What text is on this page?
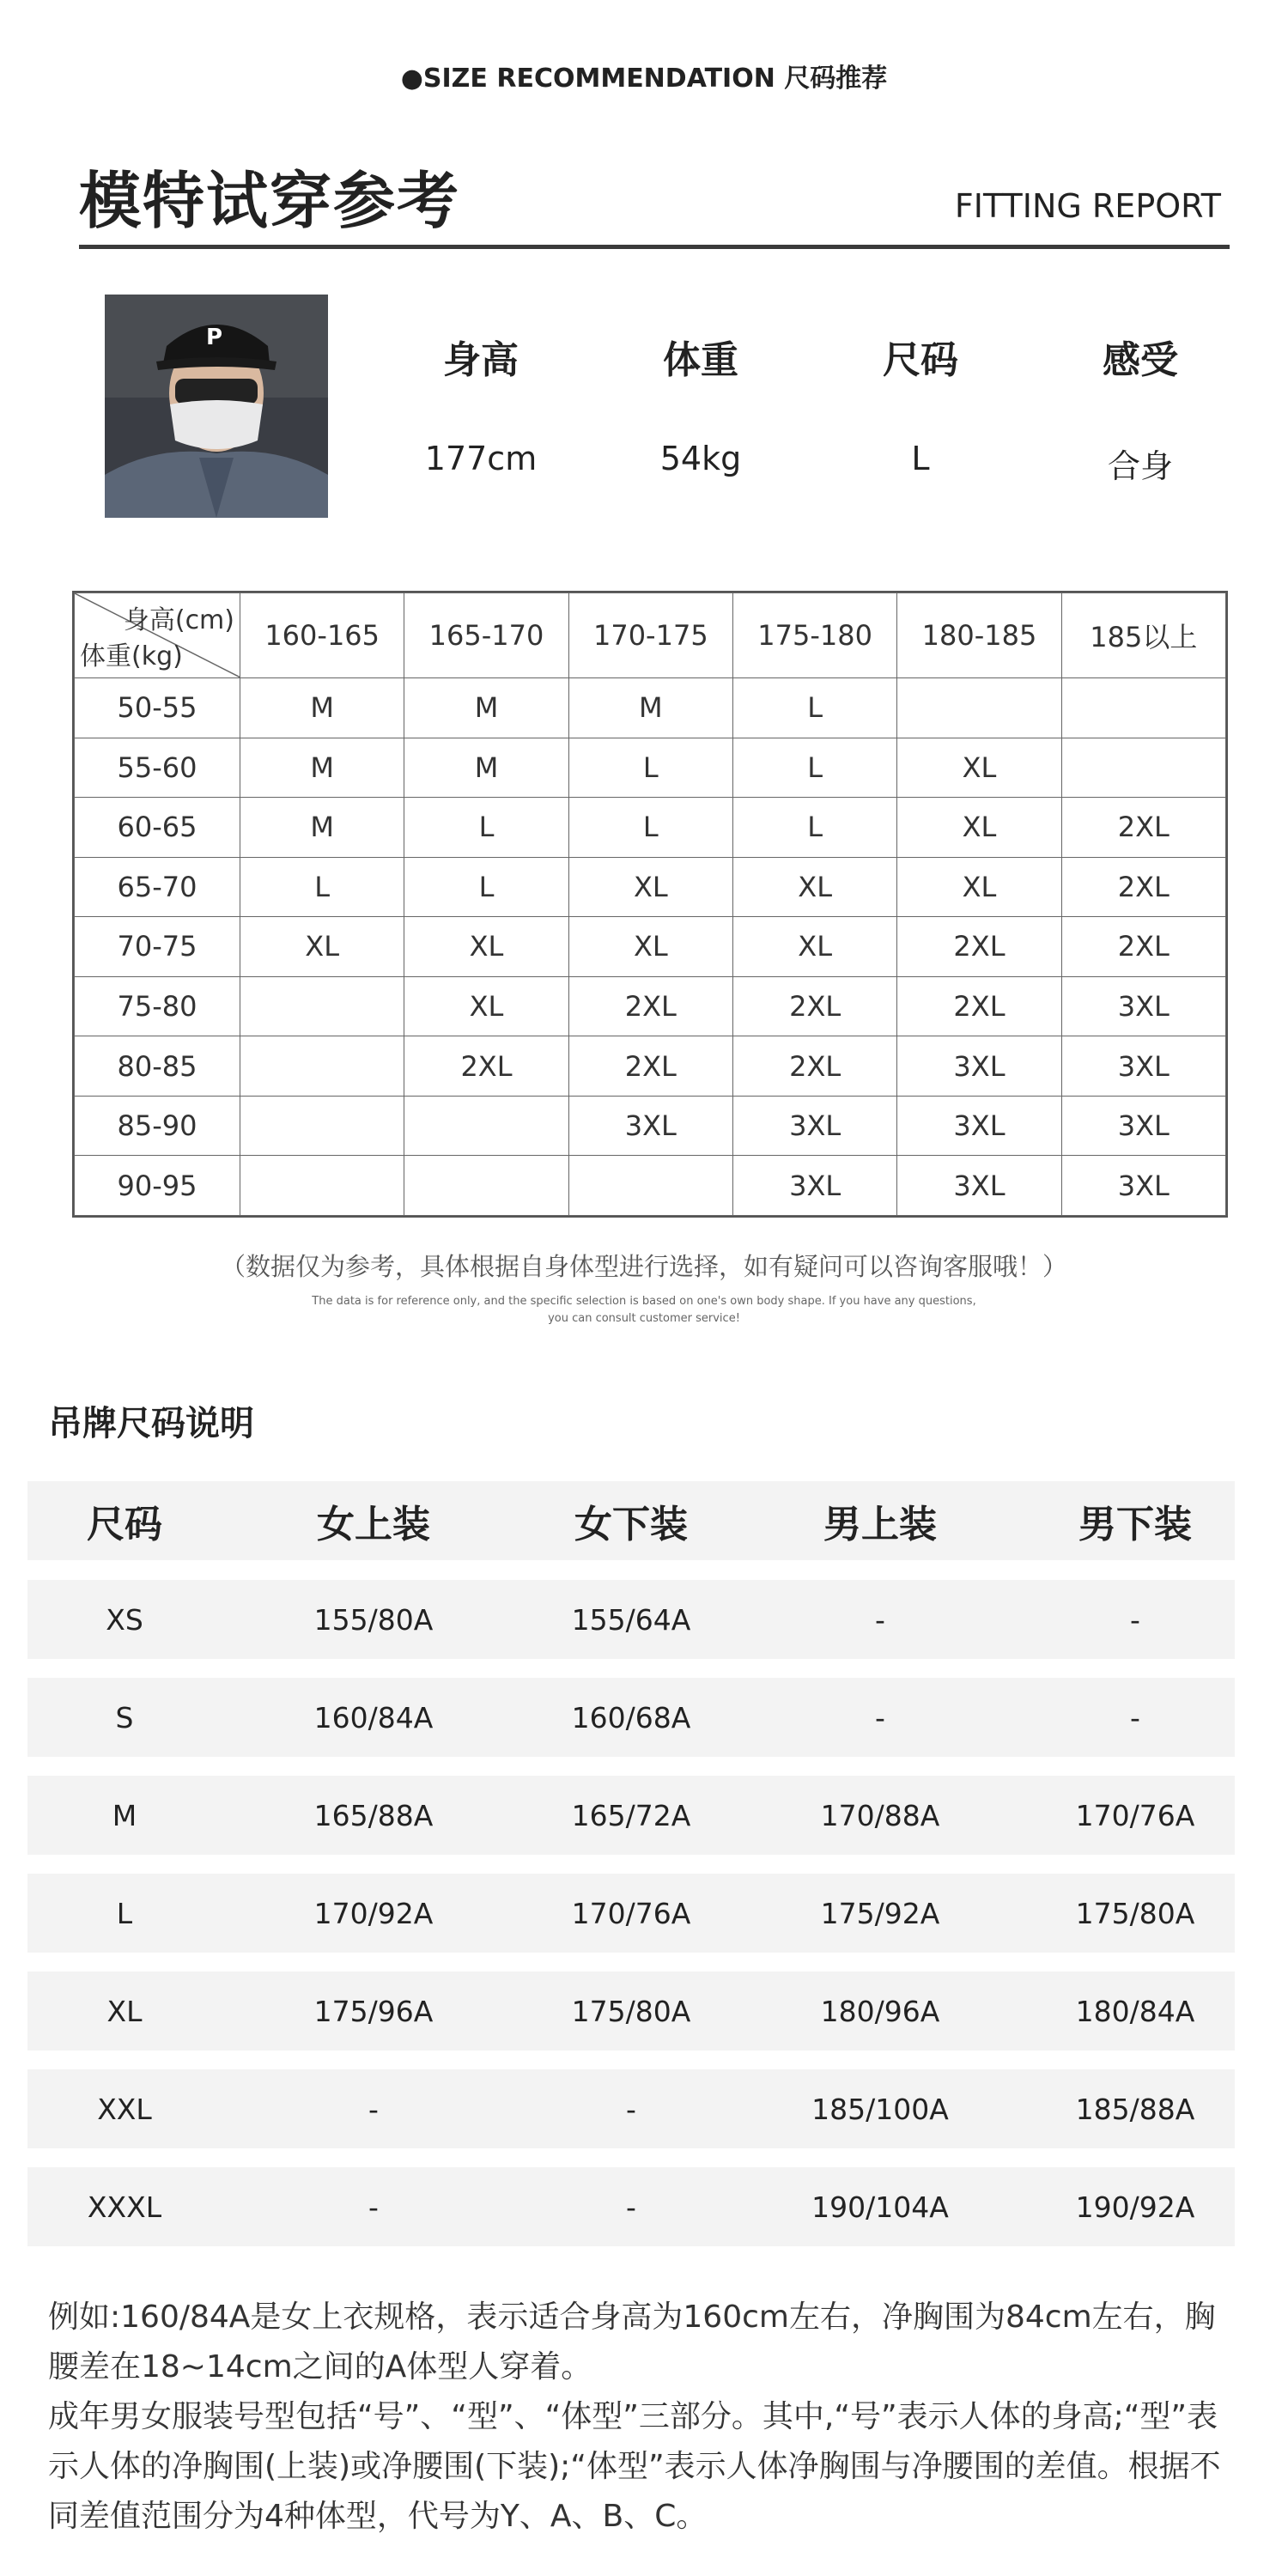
●SIZE RECOMMENDATION 尺码推荐
模特试穿参考	FITTING REPORT
P
身高	体重	尺码	感受
177cm	54kg	L	合身
身高(cm)
体重(kg)	160-165	165-170	170-175	175-180	180-185	185以上
50-55	M	M	M	L		
55-60	M	M	L	L	XL	
60-65	M	L	L	L	XL	2XL
65-70	L	L	XL	XL	XL	2XL
70-75	XL	XL	XL	XL	2XL	2XL
75-80		XL	2XL	2XL	2XL	3XL
80-85		2XL	2XL	2XL	3XL	3XL
85-90			3XL	3XL	3XL	3XL
90-95				3XL	3XL	3XL
（数据仅为参考，具体根据自身体型进行选择，如有疑问可以咨询客服哦！）
The data is for reference only, and the specific selection is based on one's own body shape. If you have any questions,
you can consult customer service!
吊牌尺码说明
尺码	女上装	女下装	男上装	男下装
XS	155/80A	155/64A	-	-
S	160/84A	160/68A	-	-
M	165/88A	165/72A	170/88A	170/76A
L	170/92A	170/76A	175/92A	175/80A
XL	175/96A	175/80A	180/96A	180/84A
XXL	-	-	185/100A	185/88A
XXXL	-	-	190/104A	190/92A
例如:160/84A是女上衣规格，表示适合身高为160cm左右，净胸围为84cm左右，胸腰差在18~14cm之间的A体型人穿着。
成年男女服装号型包括“号”、“型”、“体型”三部分。其中,“号”表示人体的身高;“型”表示人体的净胸围(上装)或净腰围(下装);“体型”表示人体净胸围与净腰围的差值。根据不同差值范围分为4种体型，代号为Y、A、B、C。
